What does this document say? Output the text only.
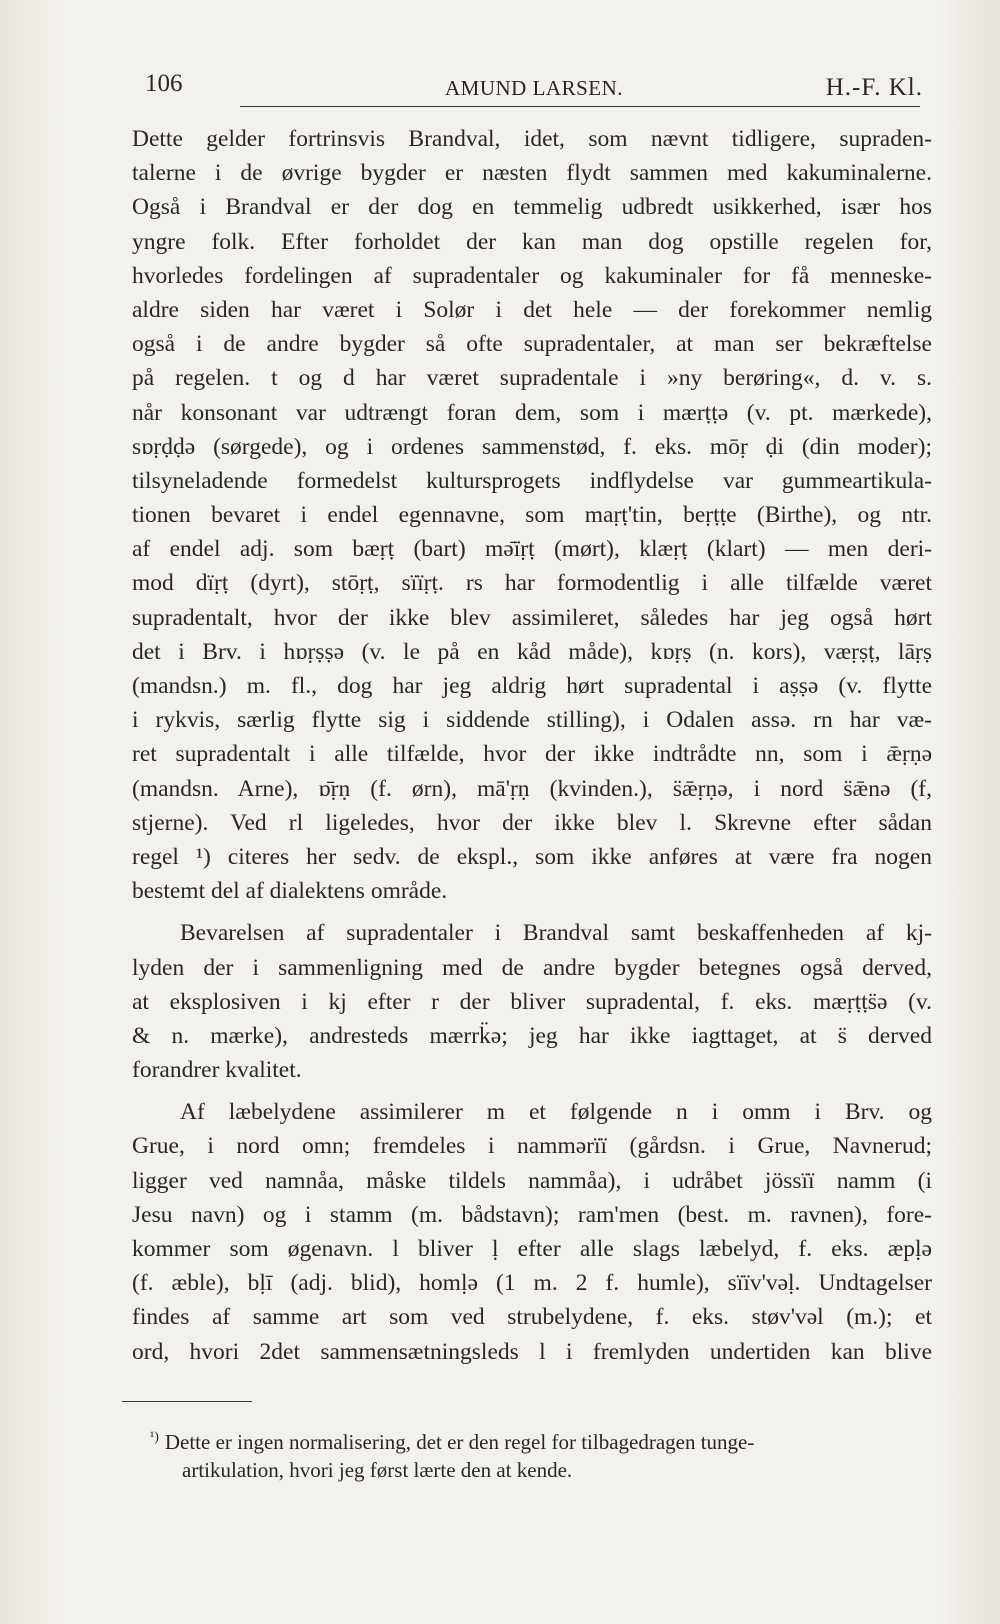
106	AMUND LARSEN.	H.-F. Kl.
Dette gelder fortrinsvis Brandval, idet, som nævnt tidligere, supraden-
talerne i de øvrige bygder er næsten flydt sammen med kakuminalerne.
Også i Brandval er der dog en temmelig udbredt usikkerhed, især hos
yngre folk. Efter forholdet der kan man dog opstille regelen for,
hvorledes fordelingen af supradentaler og kakuminaler for få menneske-
aldre siden har været i Solør i det hele — der forekommer nemlig
også i de andre bygder så ofte supradentaler, at man ser bekræftelse
på regelen. t og d har været supradentale i »ny berøring«, d. v. s.
når konsonant var udtrængt foran dem, som i mærṭṭə (v. pt. mærkede),
sɒṛḍḍə (sørgede), og i ordenes sammenstød, f. eks. mōṛ ḍi (din moder);
tilsyneladende formedelst kultursprogets indflydelse var gummeartikula-
tionen bevaret i endel egennavne, som maṛṭ'tin, beṛṭṭe (Birthe), og ntr.
af endel adj. som bæṛṭ (bart) mə̄ïṛṭ (mørt), klæṛṭ (klart) — men deri-
mod dïṛṭ (dyrt), stōṛṭ, sïïṛṭ. rs har formodentlig i alle tilfælde været
supradentalt, hvor der ikke blev assimileret, således har jeg også hørt
det i Brv. i hɒṛṣṣə (v. le på en kåd måde), kɒṛṣ (n. kors), væṛṣṭ, lāṛṣ
(mandsn.) m. fl., dog har jeg aldrig hørt supradental i aṣṣə (v. flytte
i rykvis, særlig flytte sig i siddende stilling), i Odalen assə. rn har væ-
ret supradentalt i alle tilfælde, hvor der ikke indtrådte nn, som i ǣṛṇə
(mandsn. Arne), ɒ̄ṛṇ (f. ørn), mā'ṛṇ (kvinden.), s̈ǣṛṇə, i nord s̈ǣnə (f,
stjerne). Ved rl ligeledes, hvor der ikke blev l. Skrevne efter sådan
regel ¹) citeres her sedv. de ekspl., som ikke anføres at være fra nogen
bestemt del af dialektens område.
Bevarelsen af supradentaler i Brandval samt beskaffenheden af kj-
lyden der i sammenligning med de andre bygder betegnes også derved,
at eksplosiven i kj efter r der bliver supradental, f. eks. mæṛṭṭs̈ə (v.
& n. mærke), andresteds mærrk̈ə; jeg har ikke iagttaget, at s̈ derved
forandrer kvalitet.
Af læbelydene assimilerer m et følgende n i omm i Brv. og
Grue, i nord omn; fremdeles i nammərïï (gårdsn. i Grue, Navnerud;
ligger ved namnåa, måske tildels nammåa), i udråbet jössïï namm (i
Jesu navn) og i stamm (m. bådstavn); ram'men (best. m. ravnen), fore-
kommer som øgenavn. l bliver ḷ efter alle slags læbelyd, f. eks. æpḷə
(f. æble), bḷī (adj. blid), homḷə (1 m. 2 f. humle), sïïv'vəḷ. Undtagelser
findes af samme art som ved strubelydene, f. eks. støv'vəl (m.); et
ord, hvori 2det sammensætningsleds l i fremlyden undertiden kan blive
$^{^1)}$ Dette er ingen normalisering, det er den regel for tilbagedragen tunge-
artikulation, hvori jeg først lærte den at kende.
